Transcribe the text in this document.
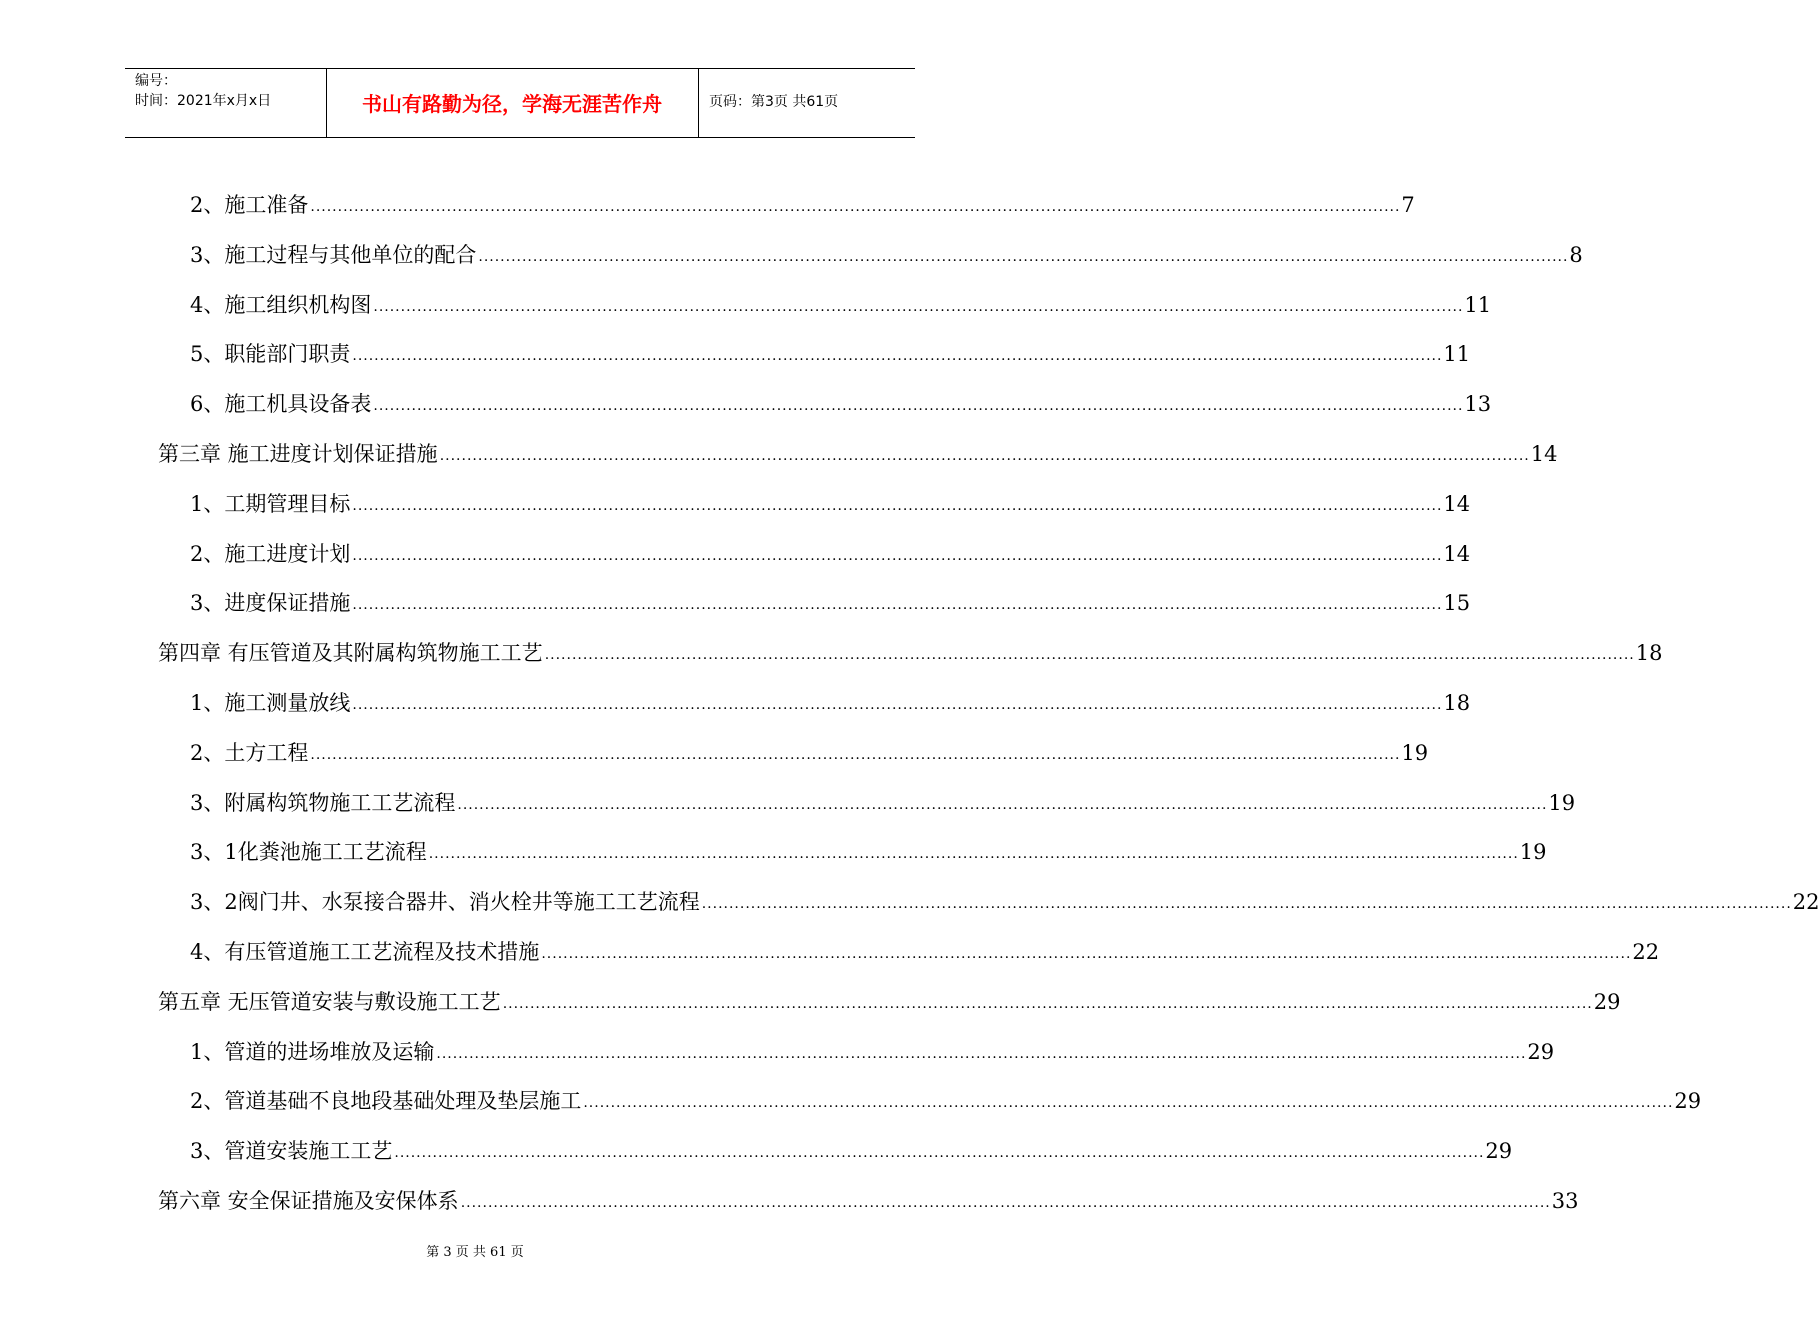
编号：
时间：2021年x月x日	书山有路勤为径，学海无涯苦作舟	页码：第3页 共61页
2、施工准备 ........................................................................................................................................................................................................ 7
3、施工过程与其他单位的配合 ........................................................................................................................................................................................................ 8
4、施工组织机构图 ........................................................................................................................................................................................................ 11
5、职能部门职责 ........................................................................................................................................................................................................ 11
6、施工机具设备表 ........................................................................................................................................................................................................ 13
第三章 施工进度计划保证措施 ........................................................................................................................................................................................................ 14
1、工期管理目标 ........................................................................................................................................................................................................ 14
2、施工进度计划 ........................................................................................................................................................................................................ 14
3、进度保证措施 ........................................................................................................................................................................................................ 15
第四章 有压管道及其附属构筑物施工工艺 ........................................................................................................................................................................................................ 18
1、施工测量放线 ........................................................................................................................................................................................................ 18
2、土方工程 ........................................................................................................................................................................................................ 19
3、附属构筑物施工工艺流程 ........................................................................................................................................................................................................ 19
3、1化粪池施工工艺流程 ........................................................................................................................................................................................................ 19
3、2阀门井、水泵接合器井、消火栓井等施工工艺流程 ........................................................................................................................................................................................................ 22
4、有压管道施工工艺流程及技术措施 ........................................................................................................................................................................................................ 22
第五章 无压管道安装与敷设施工工艺 ........................................................................................................................................................................................................ 29
1、管道的进场堆放及运输 ........................................................................................................................................................................................................ 29
2、管道基础不良地段基础处理及垫层施工 ........................................................................................................................................................................................................ 29
3、管道安装施工工艺 ........................................................................................................................................................................................................ 29
第六章 安全保证措施及安保体系 ........................................................................................................................................................................................................ 33
第 3 页 共 61 页
